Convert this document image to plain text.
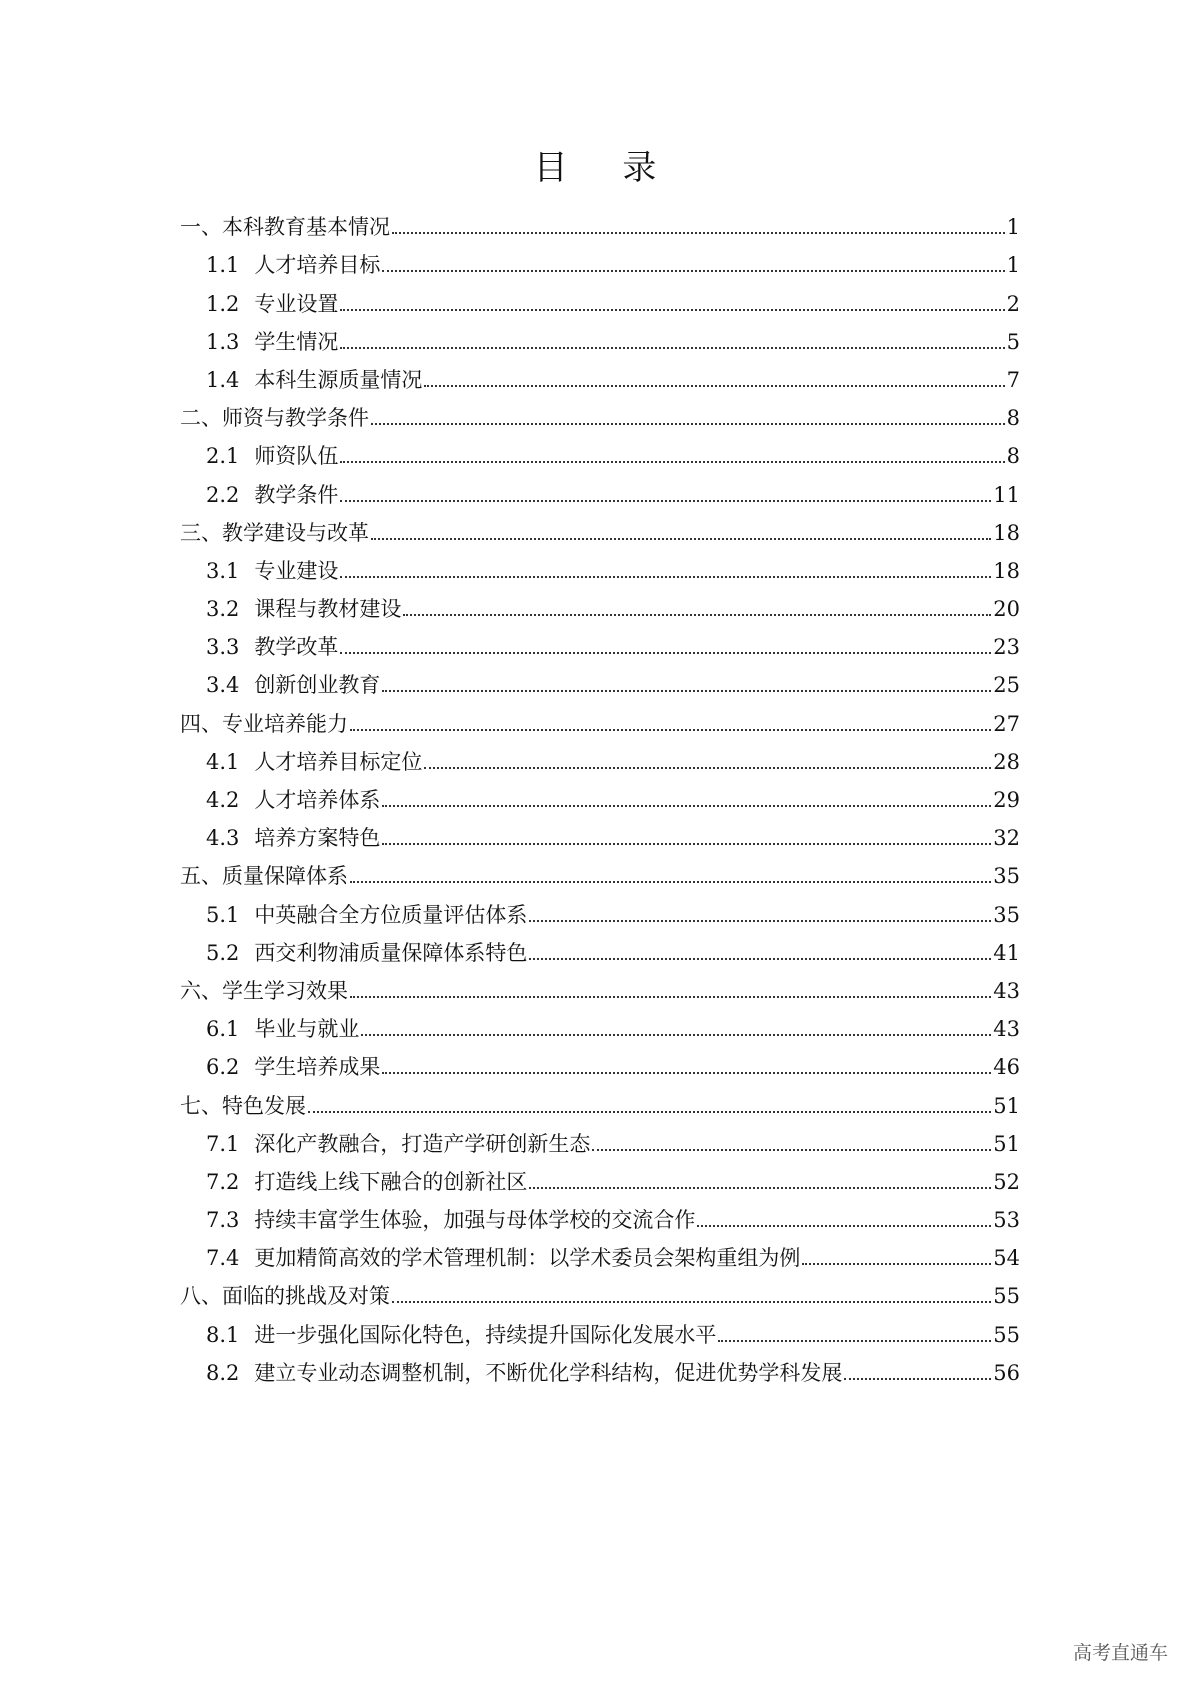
目 录
一、本科教育基本情况	1
1.1 人才培养目标	1
1.2 专业设置	2
1.3 学生情况	5
1.4 本科生源质量情况	7
二、师资与教学条件	8
2.1 师资队伍	8
2.2 教学条件	11
三、教学建设与改革	18
3.1 专业建设	18
3.2 课程与教材建设	20
3.3 教学改革	23
3.4 创新创业教育	25
四、专业培养能力	27
4.1 人才培养目标定位	28
4.2 人才培养体系	29
4.3 培养方案特色	32
五、质量保障体系	35
5.1 中英融合全方位质量评估体系	35
5.2 西交利物浦质量保障体系特色	41
六、学生学习效果	43
6.1 毕业与就业	43
6.2 学生培养成果	46
七、特色发展	51
7.1 深化产教融合，打造产学研创新生态	51
7.2 打造线上线下融合的创新社区	52
7.3 持续丰富学生体验，加强与母体学校的交流合作	53
7.4 更加精简高效的学术管理机制：以学术委员会架构重组为例	54
八、面临的挑战及对策	55
8.1 进一步强化国际化特色，持续提升国际化发展水平	55
8.2 建立专业动态调整机制，不断优化学科结构，促进优势学科发展	56
高考直通车
